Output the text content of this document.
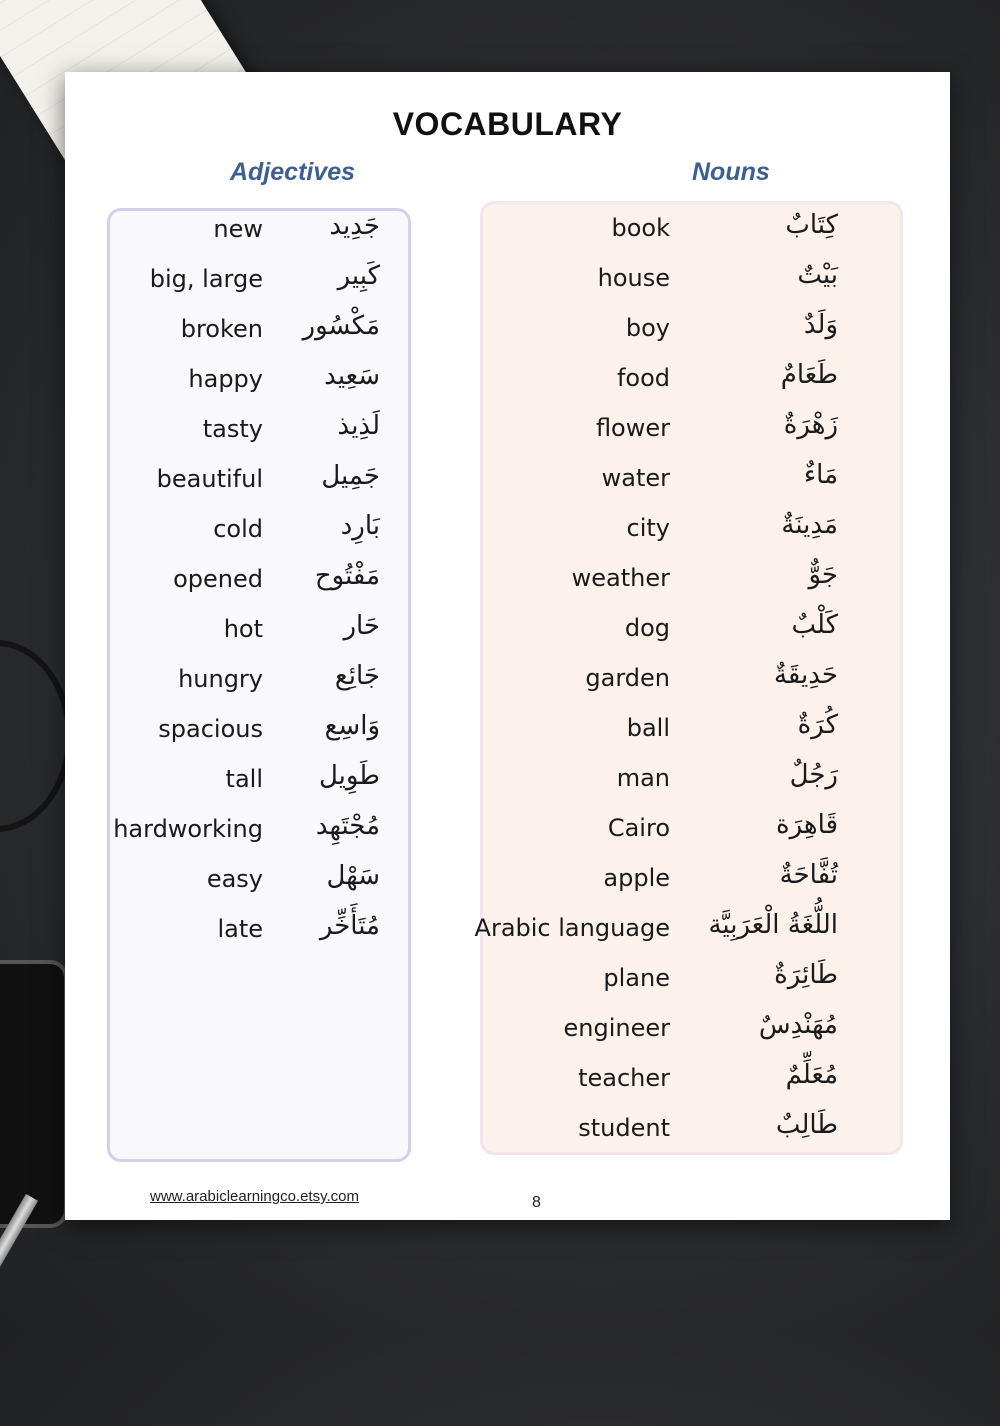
VOCABULARY
Adjectives	Nouns
new	جَدِيد
big, large	كَبِير
broken مَكْسُور
happy سَعِيد
tasty	لَذِيذ
beautiful جَمِيل
cold	بَارِد
opened مَفْتُوح
hot	حَار
hungry	جَائِع
spacious وَاسِع
tall طَوِيل
hardworking مُجْتَهِد
easy سَهْل
late مُتَأَخِّر
book	كِتَابٌ
house	بَيْتٌ
boy	وَلَدٌ
food	طَعَامٌ
flower	زَهْرَةٌ
water	مَاءٌ
city	مَدِينَةٌ
weather	جَوٌّ
dog	كَلْبٌ
garden	حَدِيقَةٌ
ball	كُرَةٌ
man	رَجُلٌ
Cairo	قَاهِرَة
apple	تُفَّاحَةٌ
Arabic language اللُّغَةُ الْعَرَبِيَّة
plane	طَائِرَةٌ
engineer	مُهَنْدِسٌ
teacher	مُعَلِّمٌ
student	طَالِبٌ
www.arabiclearningco.etsy.com	8
